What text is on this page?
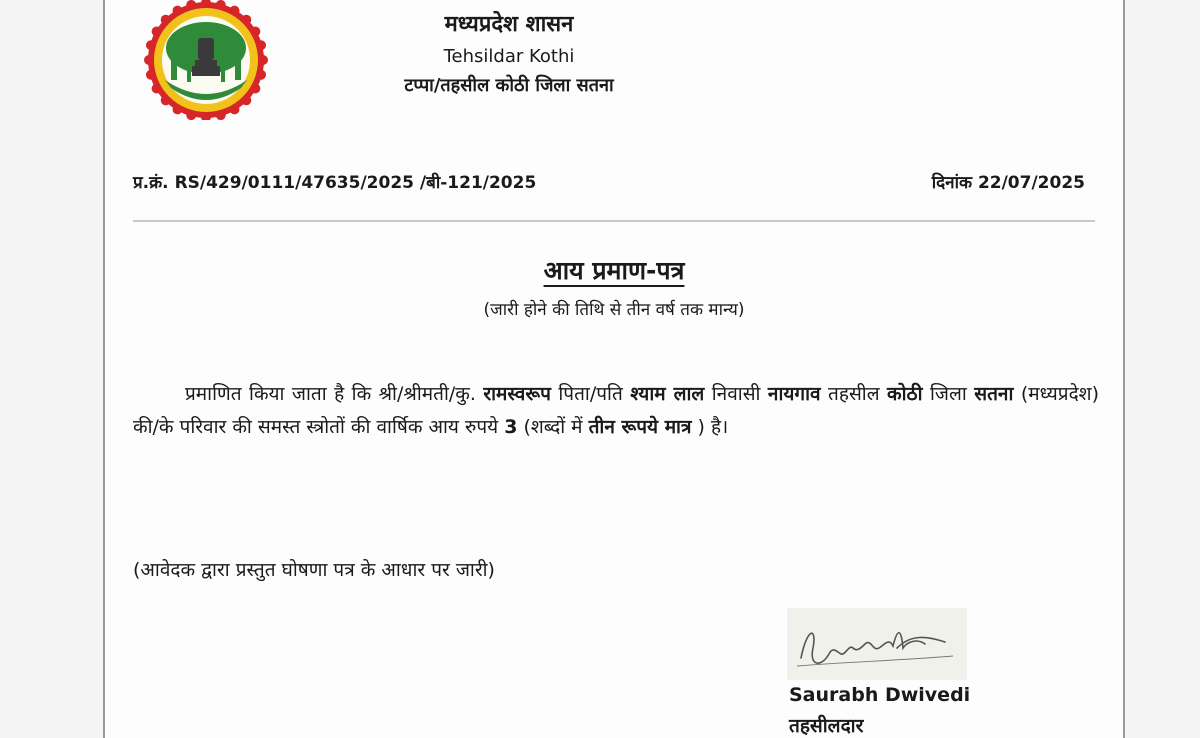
मध्यप्रदेश शासन
Tehsildar Kothi
टप्पा/तहसील कोठी जिला सतना
प्र.क्रं. RS/429/0111/47635/2025 /बी-121/2025	दिनांक 22/07/2025
आय प्रमाण-पत्र
(जारी होने की तिथि से तीन वर्ष तक मान्य)
प्रमाणित किया जाता है कि श्री/श्रीमती/कु. रामस्वरूप पिता/पति श्याम लाल निवासी नायगाव तहसील कोठी जिला सतना (मध्यप्रदेश) की/के परिवार की समस्त स्त्रोतों की वार्षिक आय रुपये 3 (शब्दों में तीन रूपये मात्र ) है।
(आवेदक द्वारा प्रस्तुत घोषणा पत्र के आधार पर जारी)
Saurabh Dwivedi
तहसीलदार
